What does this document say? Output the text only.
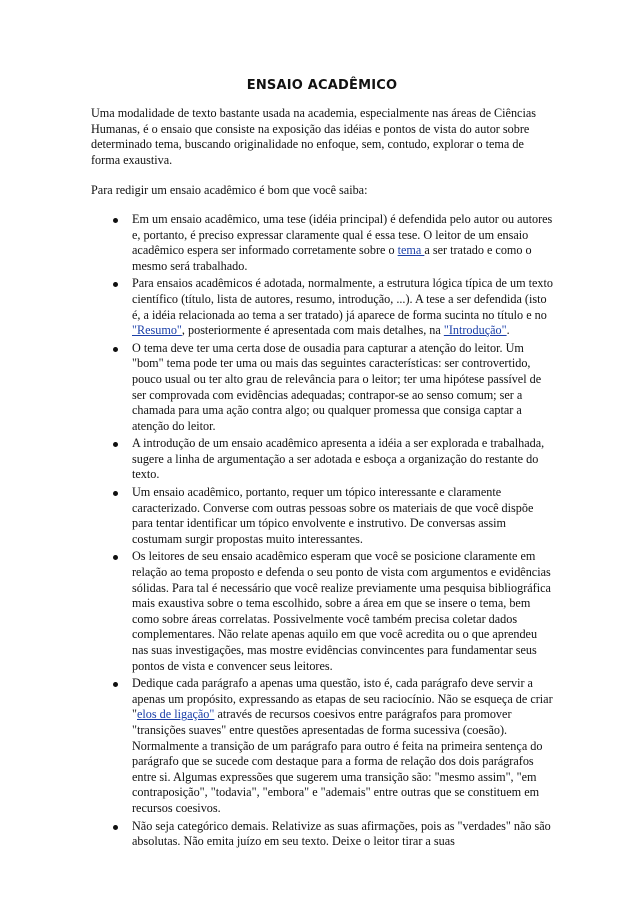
ENSAIO ACADÊMICO

Uma modalidade de texto bastante usada na academia, especialmente nas áreas de Ciências Humanas, é o ensaio que consiste na exposição das idéias e pontos de vista do autor sobre determinado tema, buscando originalidade no enfoque, sem, contudo, explorar o tema de forma exaustiva.

Para redigir um ensaio acadêmico é bom que você saiba:

Em um ensaio acadêmico, uma tese (idéia principal) é defendida pelo autor ou autores e, portanto, é preciso expressar claramente qual é essa tese. O leitor de um ensaio acadêmico espera ser informado corretamente sobre o tema a ser tratado e como o mesmo será trabalhado.
Para ensaios acadêmicos é adotada, normalmente, a estrutura lógica típica de um texto científico (título, lista de autores, resumo, introdução, ...). A tese a ser defendida (isto é, a idéia relacionada ao tema a ser tratado) já aparece de forma sucinta no título e no "Resumo", posteriormente é apresentada com mais detalhes, na "Introdução".
O tema deve ter uma certa dose de ousadia para capturar a atenção do leitor. Um "bom" tema pode ter uma ou mais das seguintes características: ser controvertido, pouco usual ou ter alto grau de relevância para o leitor; ter uma hipótese passível de ser comprovada com evidências adequadas; contrapor-se ao senso comum; ser a chamada para uma ação contra algo; ou qualquer promessa que consiga captar a atenção do leitor.
A introdução de um ensaio acadêmico apresenta a idéia a ser explorada e trabalhada, sugere a linha de argumentação a ser adotada e esboça a organização do restante do texto.
Um ensaio acadêmico, portanto, requer um tópico interessante e claramente caracterizado. Converse com outras pessoas sobre os materiais de que você dispõe para tentar identificar um tópico envolvente e instrutivo. De conversas assim costumam surgir propostas muito interessantes.
Os leitores de seu ensaio acadêmico esperam que você se posicione claramente em relação ao tema proposto e defenda o seu ponto de vista com argumentos e evidências sólidas. Para tal é necessário que você realize previamente uma pesquisa bibliográfica mais exaustiva sobre o tema escolhido, sobre a área em que se insere o tema, bem como sobre áreas correlatas. Possivelmente você também precisa coletar dados complementares. Não relate apenas aquilo em que você acredita ou o que aprendeu nas suas investigações, mas mostre evidências convincentes para fundamentar seus pontos de vista e convencer seus leitores.
Dedique cada parágrafo a apenas uma questão, isto é, cada parágrafo deve servir a apenas um propósito, expressando as etapas de seu raciocínio. Não se esqueça de criar "elos de ligação" através de recursos coesivos entre parágrafos para promover "transições suaves" entre questões apresentadas de forma sucessiva (coesão). Normalmente a transição de um parágrafo para outro é feita na primeira sentença do parágrafo que se sucede com destaque para a forma de relação dos dois parágrafos entre si. Algumas expressões que sugerem uma transição são: "mesmo assim", "em contraposição", "todavia", "embora" e "ademais" entre outras que se constituem em recursos coesivos.
Não seja categórico demais. Relativize as suas afirmações, pois as "verdades" não são absolutas. Não emita juízo em seu texto. Deixe o leitor tirar a suas
